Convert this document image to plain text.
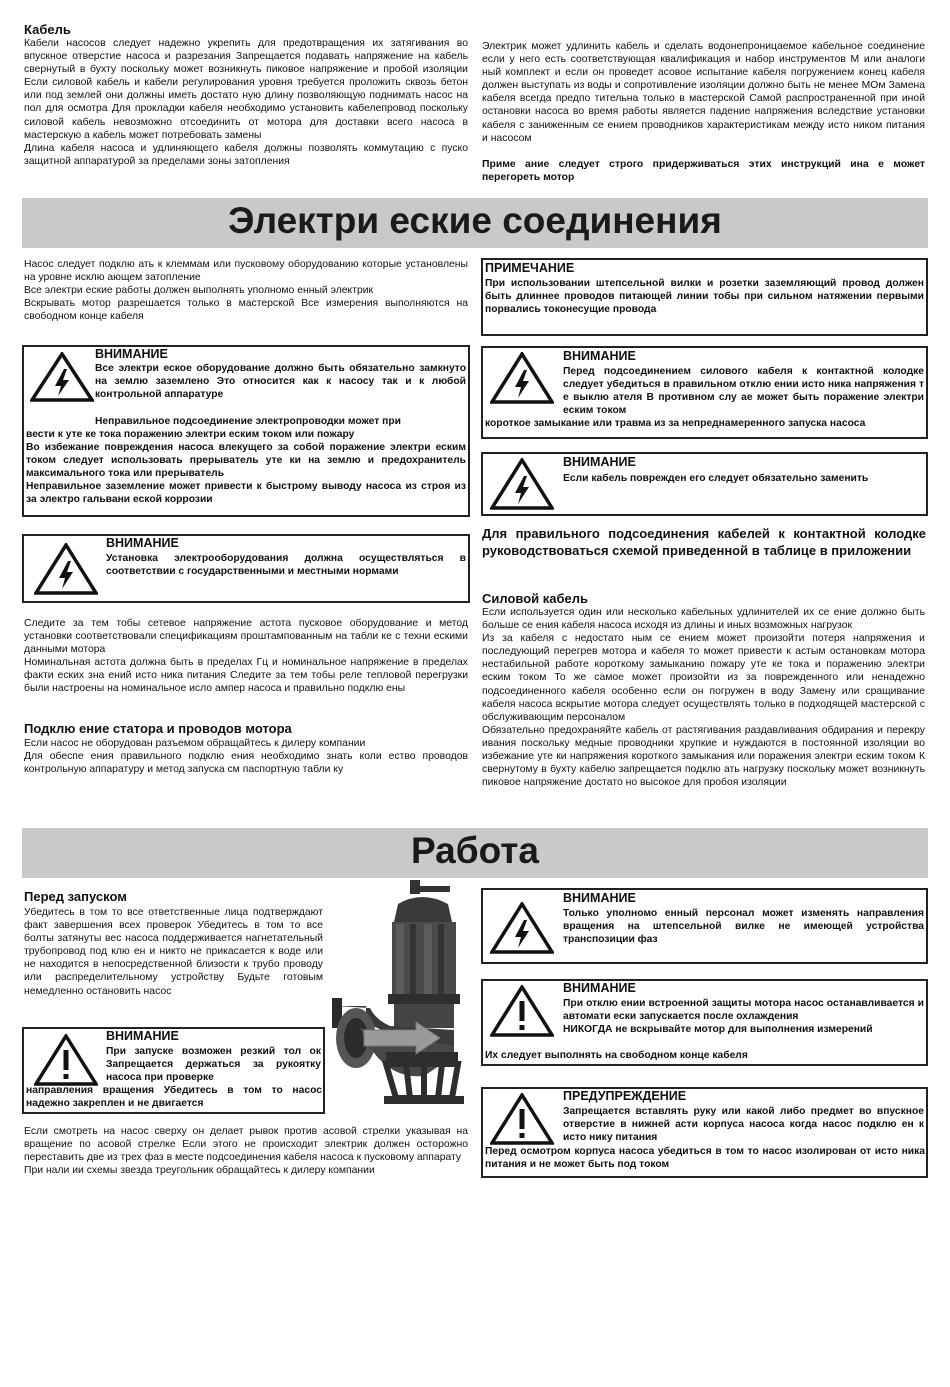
Кабель
Кабели насосов следует надежно укрепить для предотвращения их затягивания во впускное отверстие насоса и разрезания Запрещается подавать напряжение на кабель свернутый в бухту поскольку может возникнуть пиковое напряжение и пробой изоляции Если силовой кабель и кабели регулирования уровня требуется проложить сквозь бетон или под землей они должны иметь достато ную длину позволяющую поднимать насос на пол для осмотра Для прокладки кабеля необходимо установить кабелепровод поскольку силовой кабель невозможно отсоединить от мотора для доставки всего насоса в мастерскую а кабель может потребовать замены
Длина кабеля насоса и удлиняющего кабеля должны позволять коммутацию с пуско защитной аппаратурой за пределами зоны затопления
Электрик может удлинить кабель и сделать водонепроницаемое кабельное соединение если у него есть соответствующая квалификация и набор инструментов M или аналоги ный комплект и если он проведет асовое испытание кабеля погружением конец кабеля должен выступать из воды и сопротивление изоляции должно быть не менее МОм Замена кабеля всегда предпо тительна только в мастерской Самой распространенной при иной остановки насоса во время работы является падение напряжения вследствие установки кабеля с заниженным се ением проводников характеристикам между исто ником питания и насосом
Приме ание следует строго придерживаться этих инструкций ина е может перегореть мотор
Электри еские соединения
Насос следует подклю ать к клеммам или пусковому оборудованию которые установлены на уровне исклю ающем затопление
Все электри еские работы должен выполнять уполномо енный электрик
Вскрывать мотор разрешается только в мастерской Все измерения выполняются на свободном конце кабеля
ПРИМЕЧАНИЕ
При использовании штепсельной вилки и розетки заземляющий провод должен быть длиннее проводов питающей линии тобы при сильном натяжении первыми порвались токонесущие провода
ВНИМАНИЕ
Все электри еское оборудование должно быть обязательно замкнуто на землю заземлено Это относится как к насосу так и к любой контрольной аппаратуре
Неправильное подсоединение электропроводки может при
вести к уте ке тока поражению электри еским током или пожару
Во избежание повреждения насоса влекущего за собой поражение электри еским током следует использовать прерыватель уте ки на землю и предохранитель максимального тока или прерыватель
Неправильное заземление может привести к быстрому выводу насоса из строя из за электро гальвани еской коррозии
ВНИМАНИЕ
Перед подсоединением силового кабеля к контактной колодке следует убедиться в правильном отклю ении исто ника напряжения т е выклю ателя В противном слу ае может быть поражение электри еским током
короткое замыкание или травма из за непреднамеренного запуска насоса
ВНИМАНИЕ
Если кабель поврежден его следует обязательно заменить
ВНИМАНИЕ
Установка электрооборудования должна осуществляться в соответствии с государственными и местными нормами
Для правильного подсоединения кабелей к контактной колодке руководствоваться схемой приведенной в таблице в приложении
Следите за тем тобы сетевое напряжение астота пусковое оборудование и метод установки соответствовали спецификациям проштампованным на табли ке с техни ескими данными мотора
Номинальная астота должна быть в пределах Гц и номинальное напряжение в пределах факти еских зна ений исто ника питания Следите за тем тобы реле тепловой перегрузки были настроены на номинальное исло ампер насоса и правильно подклю ены
Подклю ение статора и проводов мотора
Если насос не оборудован разъемом обращайтесь к дилеру компании
Для обеспе ения правильного подклю ения необходимо знать коли ество проводов контрольную аппаратуру и метод запуска см паспортную табли ку
Силовой кабель
Если используется один или несколько кабельных удлинителей их се ение должно быть больше се ения кабеля насоса исходя из длины и иных возможных нагрузок
Из за кабеля с недостато ным се ением может произойти потеря напряжения и последующий перегрев мотора и кабеля то может привести к астым остановкам мотора нестабильной работе короткому замыканию пожару уте ке тока и поражению электри еским током То же самое может произойти из за поврежденного или ненадежно подсоединенного кабеля особенно если он погружен в воду Замену или сращивание кабеля насоса вскрытие мотора следует осуществлять только в подходящей мастерской с обслуживающим персоналом
Обязательно предохраняйте кабель от растягивания раздавливания обдирания и перекру ивания поскольку медные проводники хрупкие и нуждаются в постоянной изоляции во избежание уте ки напряжения короткого замыкания или поражения электри еским током К свернутому в бухту кабелю запрещается подклю ать нагрузку поскольку может возникнуть пиковое напряжение достато но высокое для пробоя изоляции
Работа
Перед запуском
Убедитесь в том то все ответственные лица подтверждают факт завершения всех проверок Убедитесь в том то все болты затянуты вес насоса поддерживается нагнетательный трубопровод под клю ен и никто не прикасается к воде или не находится в непосредственной близости к трубо проводу или распределительному устройству Будьте готовым немедленно остановить насос
ВНИМАНИЕ
При запуске возможен резкий тол ок Запрещается держаться за рукоятку насоса при проверке
направления вращения Убедитесь в том то насос надежно закреплен и не двигается
Если смотреть на насос сверху он делает рывок против асовой стрелки указывая на вращение по асовой стрелке Если этого не происходит электрик должен осторожно переставить две из трех фаз в месте подсоединения кабеля насоса к пусковому аппарату
При нали ии схемы звезда треугольник обращайтесь к дилеру компании
ВНИМАНИЕ
Только уполномо енный персонал может изменять направления вращения на штепсельной вилке не имеющей устройства транспозиции фаз
ВНИМАНИЕ
При отклю ении встроенной защиты мотора насос останавливается и автомати ески запускается после охлаждения
НИКОГДА не вскрывайте мотор для выполнения измерений
Их следует выполнять на свободном конце кабеля
ПРЕДУПРЕЖДЕНИЕ
Запрещается вставлять руку или какой либо предмет во впускное отверстие в нижней асти корпуса насоса когда насос подклю ен к исто нику питания
Перед осмотром корпуса насоса убедиться в том то насос изолирован от исто ника питания и не может быть под током
